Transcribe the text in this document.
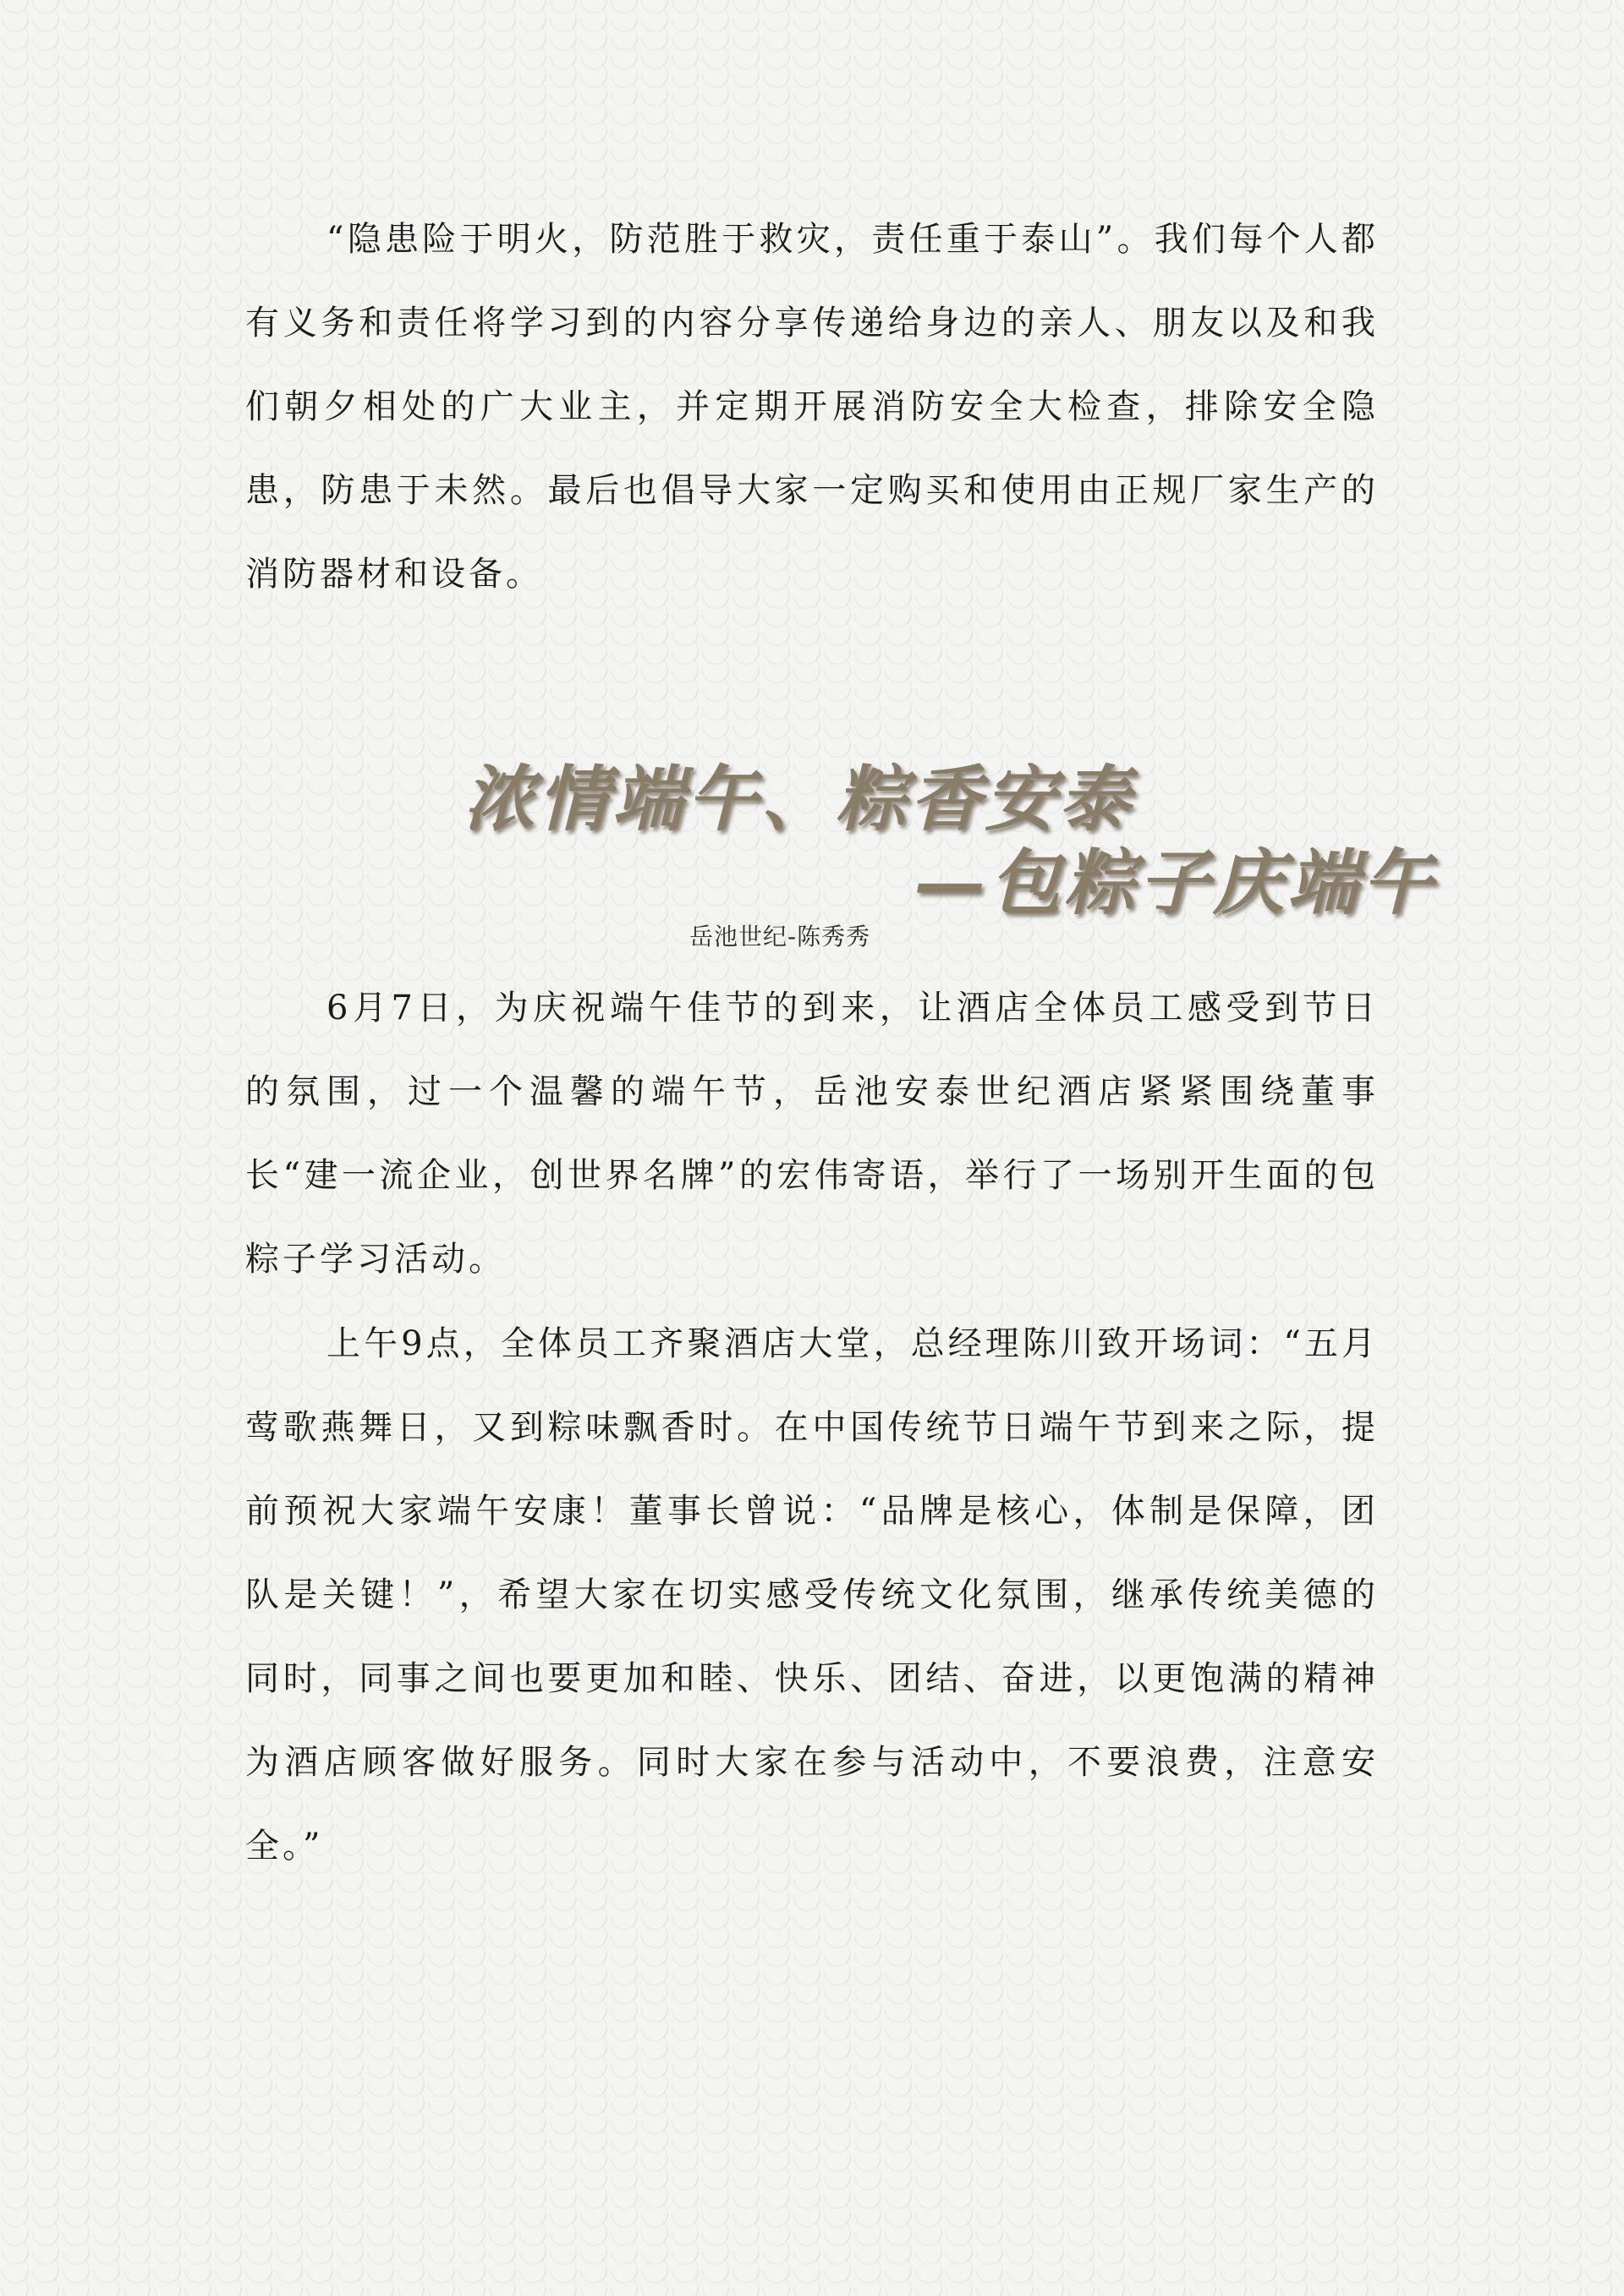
“隐患险于明火，防范胜于救灾，责任重于泰山”。我们每个人都有义务和责任将学习到的内容分享传递给身边的亲人、朋友以及和我们朝夕相处的广大业主，并定期开展消防安全大检查，排除安全隐患，防患于未然。最后也倡导大家一定购买和使用由正规厂家生产的消防器材和设备。

浓情端午、粽香安泰
—包粽子庆端午

岳池世纪-陈秀秀

6月7日，为庆祝端午佳节的到来，让酒店全体员工感受到节日的氛围，过一个温馨的端午节，岳池安泰世纪酒店紧紧围绕董事长“建一流企业，创世界名牌”的宏伟寄语，举行了一场别开生面的包粽子学习活动。

上午9点，全体员工齐聚酒店大堂，总经理陈川致开场词：“五月莺歌燕舞日，又到粽味飘香时。在中国传统节日端午节到来之际，提前预祝大家端午安康！董事长曾说：“品牌是核心，体制是保障，团队是关键！”，希望大家在切实感受传统文化氛围，继承传统美德的同时，同事之间也要更加和睦、快乐、团结、奋进，以更饱满的精神为酒店顾客做好服务。同时大家在参与活动中，不要浪费，注意安全。”
